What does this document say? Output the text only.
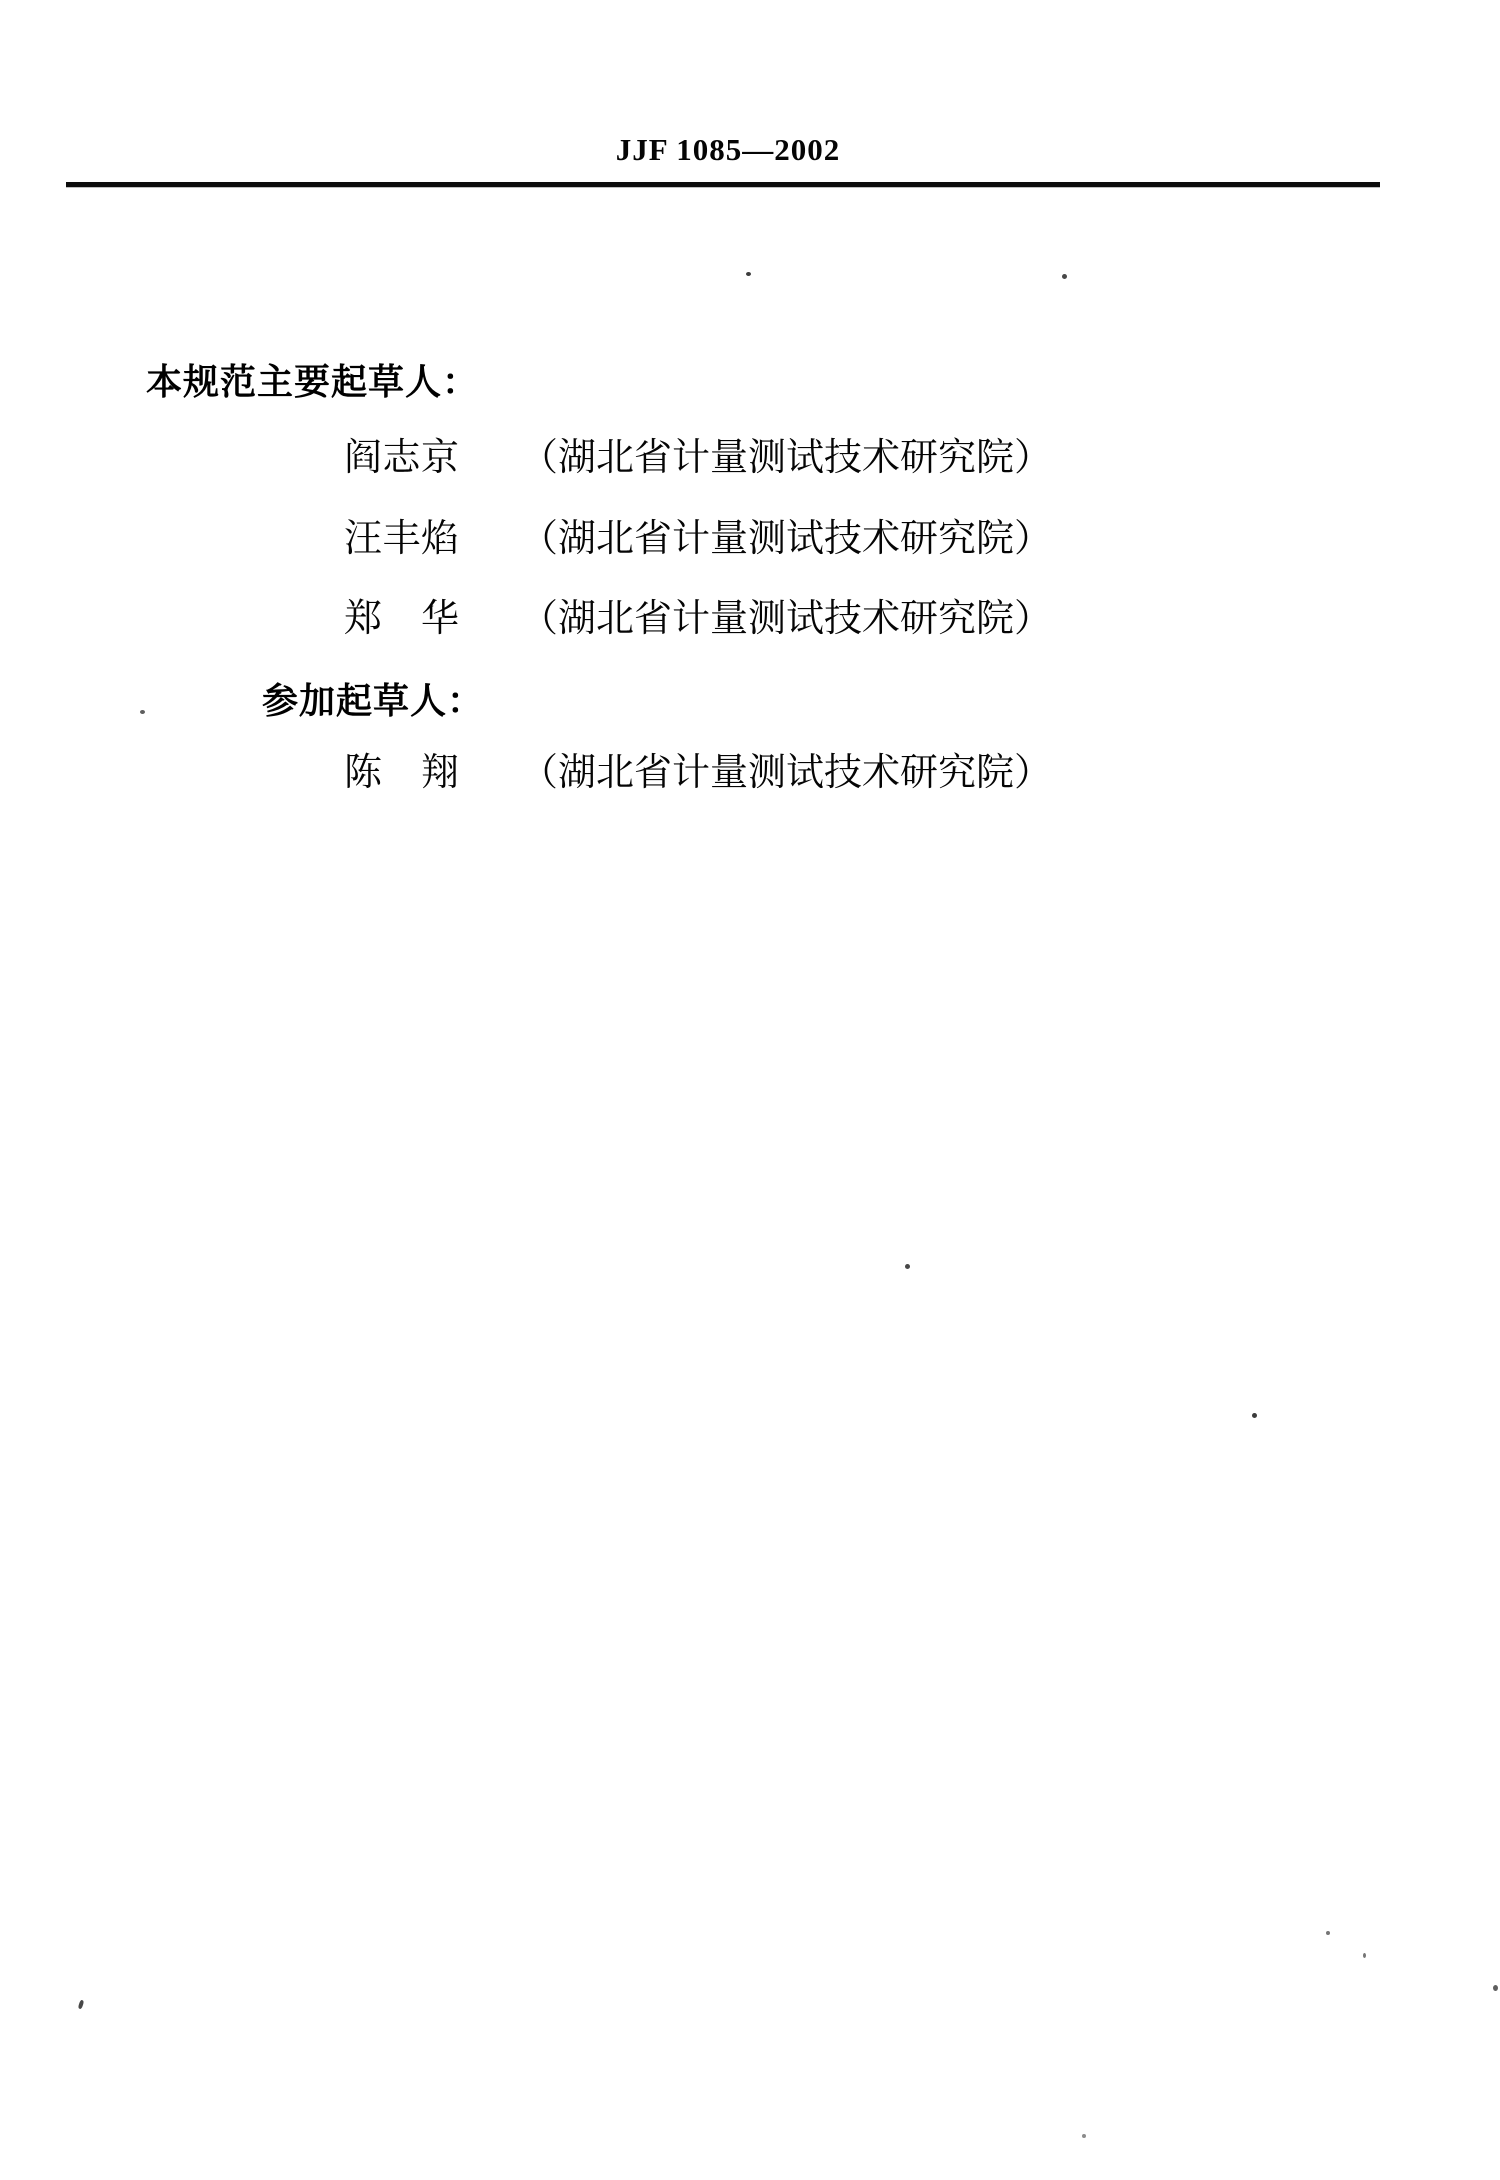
JJF 1085—2002
本规范主要起草人：
阎志京 （湖北省计量测试技术研究院）
汪丰焰 （湖北省计量测试技术研究院）
郑　华 （湖北省计量测试技术研究院）
参加起草人：
陈　翔 （湖北省计量测试技术研究院）
